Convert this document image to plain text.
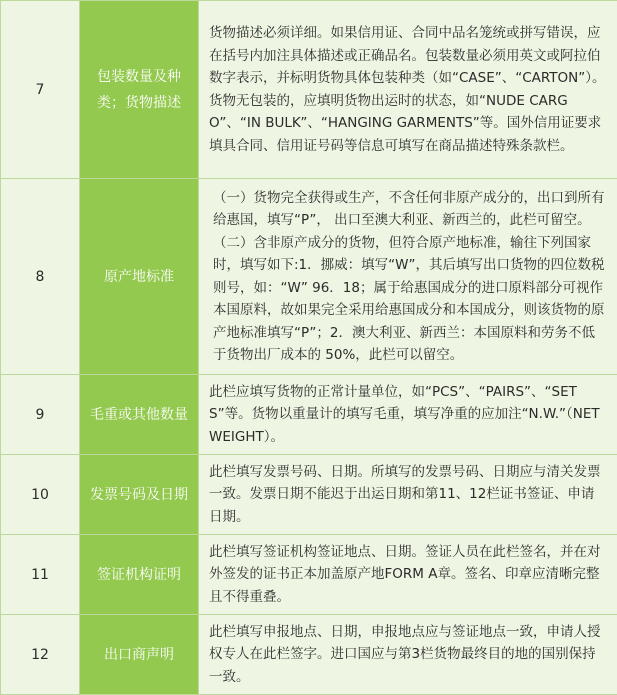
7	包装数量及种类；货物描述	货物描述必须详细。如果信用证、合同中品名笼统或拼写错误，应在括号内加注具体描述或正确品名。包装数量必须用英文或阿拉伯数字表示，并标明货物具体包装种类（如“CASE”、“CARTON”）。货物无包装的，应填明货物出运时的状态，如“NUDE CARGO”、“IN BULK”、“HANGING GARMENTS”等。国外信用证要求填具合同、信用证号码等信息可填写在商品描述特殊条款栏。
8	原产地标准	（一）货物完全获得或生产，不含任何非原产成分的，出口到所有给惠国，填写“P”， 出口至澳大利亚、新西兰的，此栏可留空。 （二）含非原产成分的货物，但符合原产地标准，输往下列国家时，填写如下:1．挪威：填写“W”，其后填写出口货物的四位数税则号，如：“W” 96．18；属于给惠国成分的进口原料部分可视作本国原料，故如果完全采用给惠国成分和本国成分，则该货物的原产地标准填写“P”；2．澳大利亚、新西兰：本国原料和劳务不低于货物出厂成本的 50%，此栏可以留空。
9	毛重或其他数量	此栏应填写货物的正常计量单位，如“PCS”、“PAIRS”、“SETS”等。货物以重量计的填写毛重，填写净重的应加注“N.W.”（NET WEIGHT）。
10	发票号码及日期	此栏填写发票号码、日期。所填写的发票号码、日期应与清关发票一致。发票日期不能迟于出运日期和第11、12栏证书签证、申请日期。
11	签证机构证明	此栏填写签证机构签证地点、日期。签证人员在此栏签名，并在对外签发的证书正本加盖原产地FORM A章。签名、印章应清晰完整且不得重叠。
12	出口商声明	此栏填写申报地点、日期，申报地点应与签证地点一致，申请人授权专人在此栏签字。进口国应与第3栏货物最终目的地的国别保持一致。
